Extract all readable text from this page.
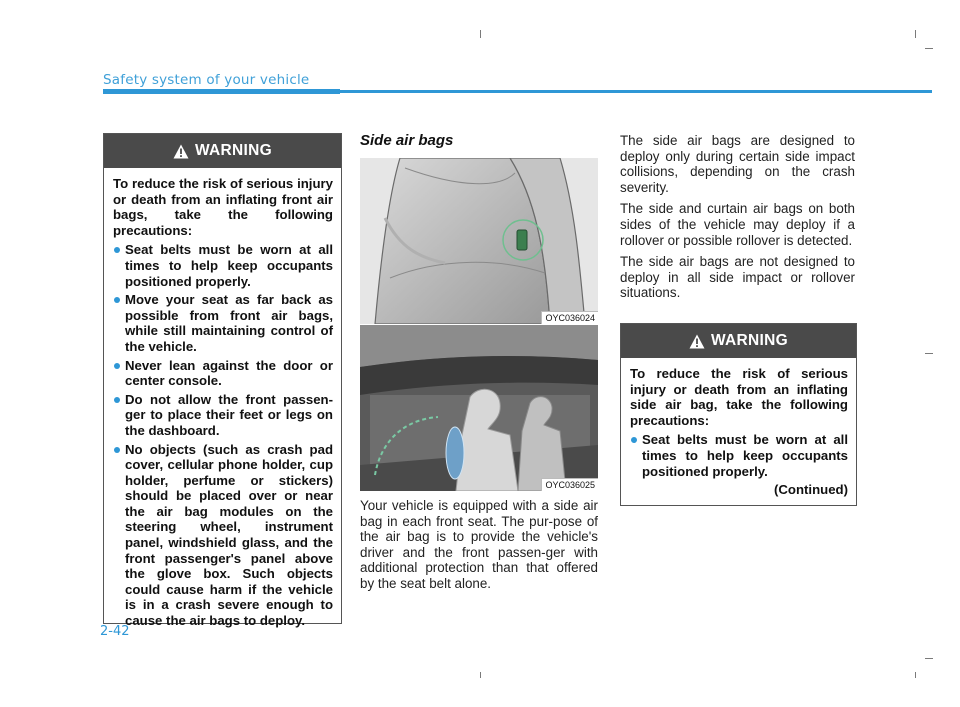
Safety system of your vehicle
WARNING

To reduce the risk of serious injury or death from an inflating front air bags, take the following precautions:

Seat belts must be worn at all times to help keep occupants positioned properly.
Move your seat as far back as possible from front air bags, while still maintaining control of the vehicle.
Never lean against the door or center console.
Do not allow the front passen-ger to place their feet or legs on the dashboard.
No objects (such as crash pad cover, cellular phone holder, cup holder, perfume or stickers) should be placed over or near the air bag modules on the steering wheel, instrument panel, windshield glass, and the front passenger's panel above the glove box. Such objects could cause harm if the vehicle is in a crash severe enough to cause the air bags to deploy.
Side air bags
OYC036024
OYC036025

Your vehicle is equipped with a side air bag in each front seat. The pur-pose of the air bag is to provide the vehicle's driver and the front passen-ger with additional protection than that offered by the seat belt alone.

The side air bags are designed to deploy only during certain side impact collisions, depending on the crash severity.

The side and curtain air bags on both sides of the vehicle may deploy if a rollover or possible rollover is detected.

The side air bags are not designed to deploy in all side impact or rollover situations.

WARNING

To reduce the risk of serious injury or death from an inflating side air bag, take the following precautions:

Seat belts must be worn at all times to help keep occupants positioned properly.
(Continued)
2-42
